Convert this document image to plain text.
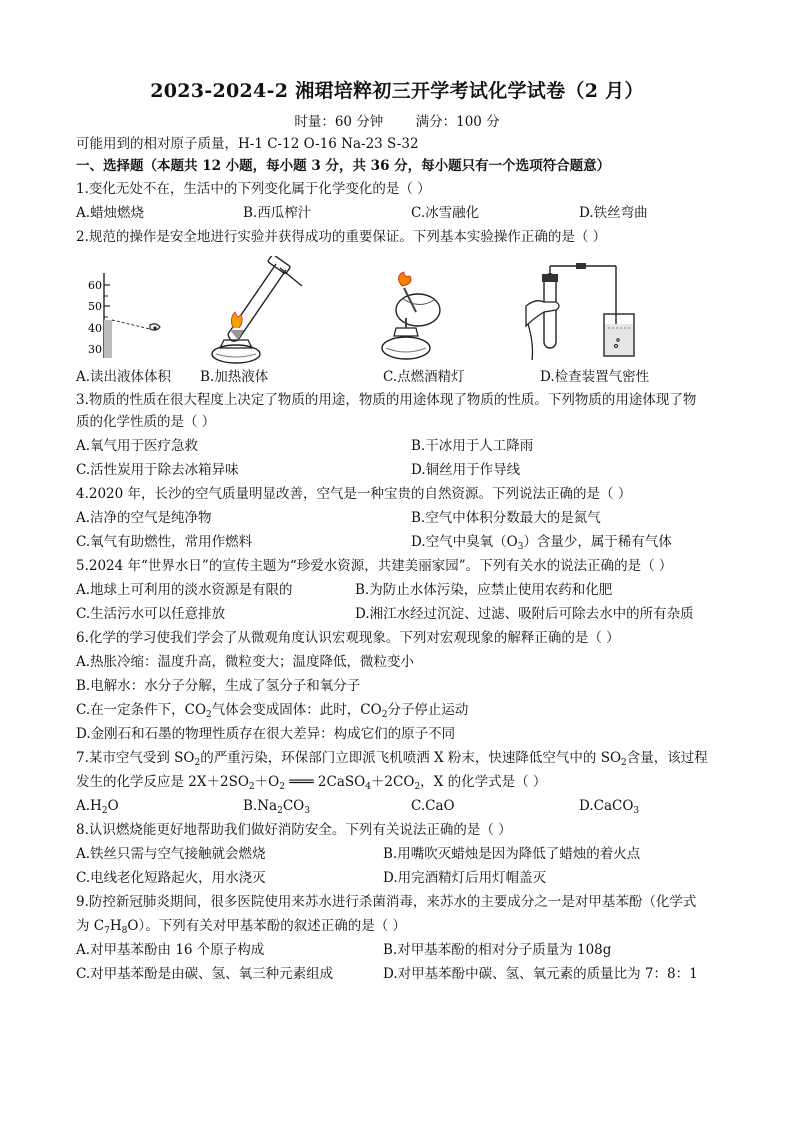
2023-2024-2 湘珺培粹初三开学考试化学试卷（2 月）
时量：60 分钟 满分：100 分
可能用到的相对原子质量，H-1 C-12 O-16 Na-23 S-32
一、选择题（本题共 12 小题，每小题 3 分，共 36 分，每小题只有一个选项符合题意）
1.变化无处不在，生活中的下列变化属于化学变化的是（ ）
A.蜡烛燃烧	B.西瓜榨汁	C.冰雪融化	D.铁丝弯曲
2.规范的操作是安全地进行实验并获得成功的重要保证。下列基本实验操作正确的是（ ）
60
50
40
30
A.读出液体体积 B.加热液体	C.点燃酒精灯	D.检查装置气密性
3.物质的性质在很大程度上决定了物质的用途，物质的用途体现了物质的性质。下列物质的用途体现了物
质的化学性质的是（ ）
A.氧气用于医疗急救	B.干冰用于人工降雨
C.活性炭用于除去冰箱异味	D.铜丝用于作导线
4.2020 年，长沙的空气质量明显改善，空气是一种宝贵的自然资源。下列说法正确的是（ ）
A.洁净的空气是纯净物	B.空气中体积分数最大的是氮气
C.氧气有助燃性，常用作燃料	D.空气中臭氧$(O_3)$含量少，属于稀有气体
5.2024 年“世界水日”的宣传主题为“珍爱水资源，共建美丽家园”。下列有关水的说法正确的是（ ）
A.地球上可利用的淡水资源是有限的	B.为防止水体污染，应禁止使用农药和化肥
C.生活污水可以任意排放	D.湘江水经过沉淀、过滤、吸附后可除去水中的所有杂质
6.化学的学习使我们学会了从微观角度认识宏观现象。下列对宏观现象的解释正确的是（ ）
A.热胀冷缩：温度升高，微粒变大；温度降低，微粒变小
B.电解水：水分子分解，生成了氢分子和氧分子
C.在一定条件下，$CO_2$气体会变成固体：此时，$CO_2$分子停止运动
D.金刚石和石墨的物理性质存在很大差异：构成它们的原子不同
7.某市空气受到 $SO_2$的严重污染，环保部门立即派飞机喷洒 X 粉末，快速降低空气中的 $SO_2$含量，该过程
发生的化学反应是 $2X+2SO_2+O_2$ ═══ $2CaSO_4+2CO_2$，X 的化学式是（ ）
$A.H_2O$	$B.Na_2CO_3$	C.CaO	D.CaCO$_3$
8.认识燃烧能更好地帮助我们做好消防安全。下列有关说法正确的是（ ）
A.铁丝只需与空气接触就会燃烧	B.用嘴吹灭蜡烛是因为降低了蜡烛的着火点
C.电线老化短路起火，用水浇灭	D.用完酒精灯后用灯帽盖灭
9.防控新冠肺炎期间，很多医院使用来苏水进行杀菌消毒，来苏水的主要成分之一是对甲基苯酚（化学式
为 $C_7H_8O$）。下列有关对甲基苯酚的叙述正确的是（ ）
A.对甲基苯酚由 16 个原子构成	B.对甲基苯酚的相对分子质量为 108g
C.对甲基苯酚是由碳、氢、氧三种元素组成	D.对甲基苯酚中碳、氢、氧元素的质量比为 7：8：1
